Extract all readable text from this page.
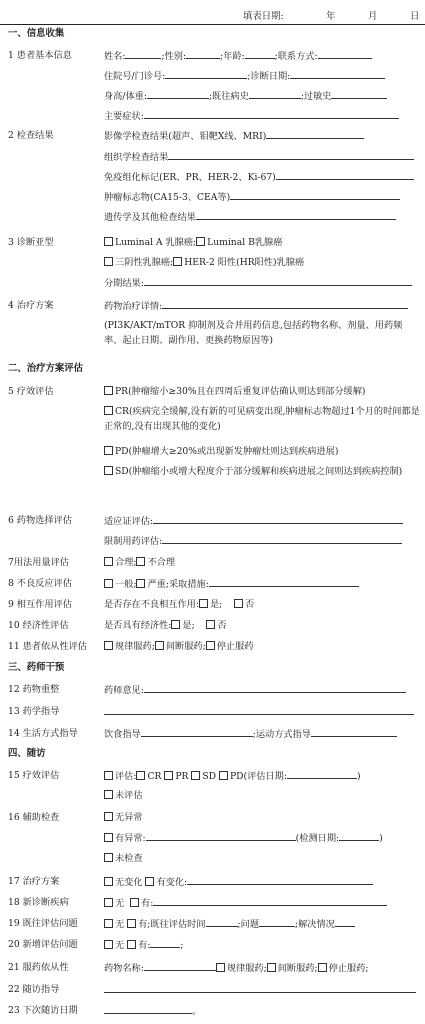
填表日期:	年	月	日
一、信息收集
1 患者基本信息	姓名:	;性别:	;年龄:	;联系方式:
住院号/门诊号:	;诊断日期:
身高/体重:	;既往病史	;过敏史
主要症状:
2 检查结果	影像学检查结果(超声、钼靶X线、MRI)
组织学检查结果
免疫组化标记(ER、PR、HER-2、Ki-67)
肿瘤标志物(CA15-3、CEA等)
遗传学及其他检查结果
3 诊断亚型	Luminal A 乳腺癌; Luminal B乳腺癌
三阴性乳腺癌; HER-2 阳性(HR阳性)乳腺癌
分期结果:
4 治疗方案	药物治疗详情:
(PI3K/AKT/mTOR 抑制剂及合并用药信息,包括药物名称、剂量、用药频率、起止日期、副作用、更换药物原因等)
二、治疗方案评估
5 疗效评估	PR(肿瘤缩小≥30%且在四周后重复评估确认则达到部分缓解)
CR(疾病完全缓解,没有新的可见病变出现,肿瘤标志物超过1个月的时间都是正常的,没有出现其他的变化)
PD(肿瘤增大≥20%或出现新发肿瘤灶则达到疾病进展)
SD(肿瘤缩小或增大程度介于部分缓解和疾病进展之间则达到疾病控制)
6 药物选择评估	适应证评估:
限制用药评估:
7用法用量评估	合理; 不合理
8 不良反应评估	一般; 严重;采取措施:
9 相互作用评估	是否存在不良相互作用: 是; 否
10 经济性评估	是否具有经济性: 是; 否
11 患者依从性评估	规律服药; 间断服药; 停止服药
三、药师干预
12 药物重整	药师意见:
13 药学指导
14 生活方式指导	饮食指导	;运动方式指导
四、随访
15 疗效评估	评估: CR PR SD PD(评估日期:	)
未评估
16 辅助检查	无异常
有异常:	(检测日期:	)
未检查
17 治疗方案	无变化 有变化:
18 新诊断疾病	无 有:
19 既往评估问题	无 有;既往评估时间	;问题	;解决情况
20 新增评估问题	无 有:	;
21 服药依从性	药物名称:	规律服药; 间断服药; 停止服药;
22 随访指导
23 下次随访日期	。
